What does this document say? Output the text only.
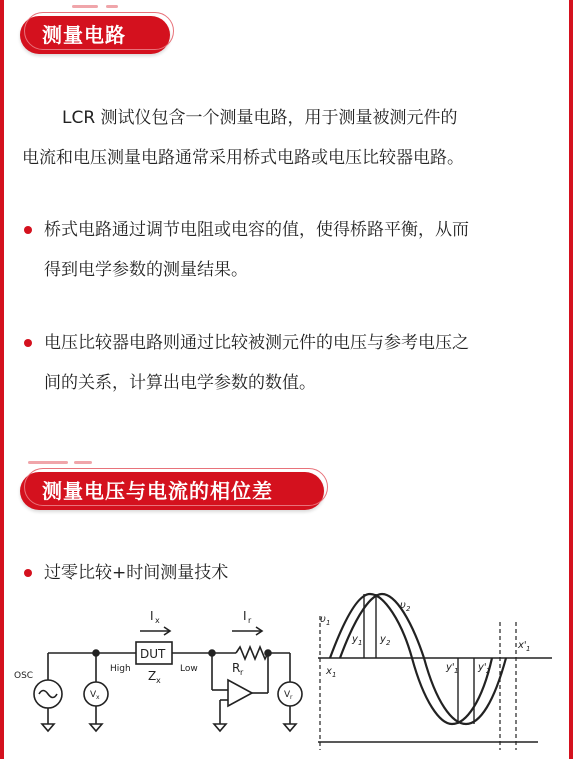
测量电路
LCR 测试仪包含一个测量电路，用于测量被测元件的
电流和电压测量电路通常采用桥式电路或电压比较器电路。
桥式电路通过调节电阻或电容的值，使得桥路平衡，从而
得到电学参数的测量结果。
电压比较器电路则通过比较被测元件的电压与参考电压之
间的关系，计算出电学参数的数值。
测量电压与电流的相位差
过零比较+时间测量技术
I x	I r
DUT
Z x
High	Low	R r
OSC
V x	V r
υ 1
υ 2
x 1
y 1 y 2
y' 1 y' 2
x' 1
